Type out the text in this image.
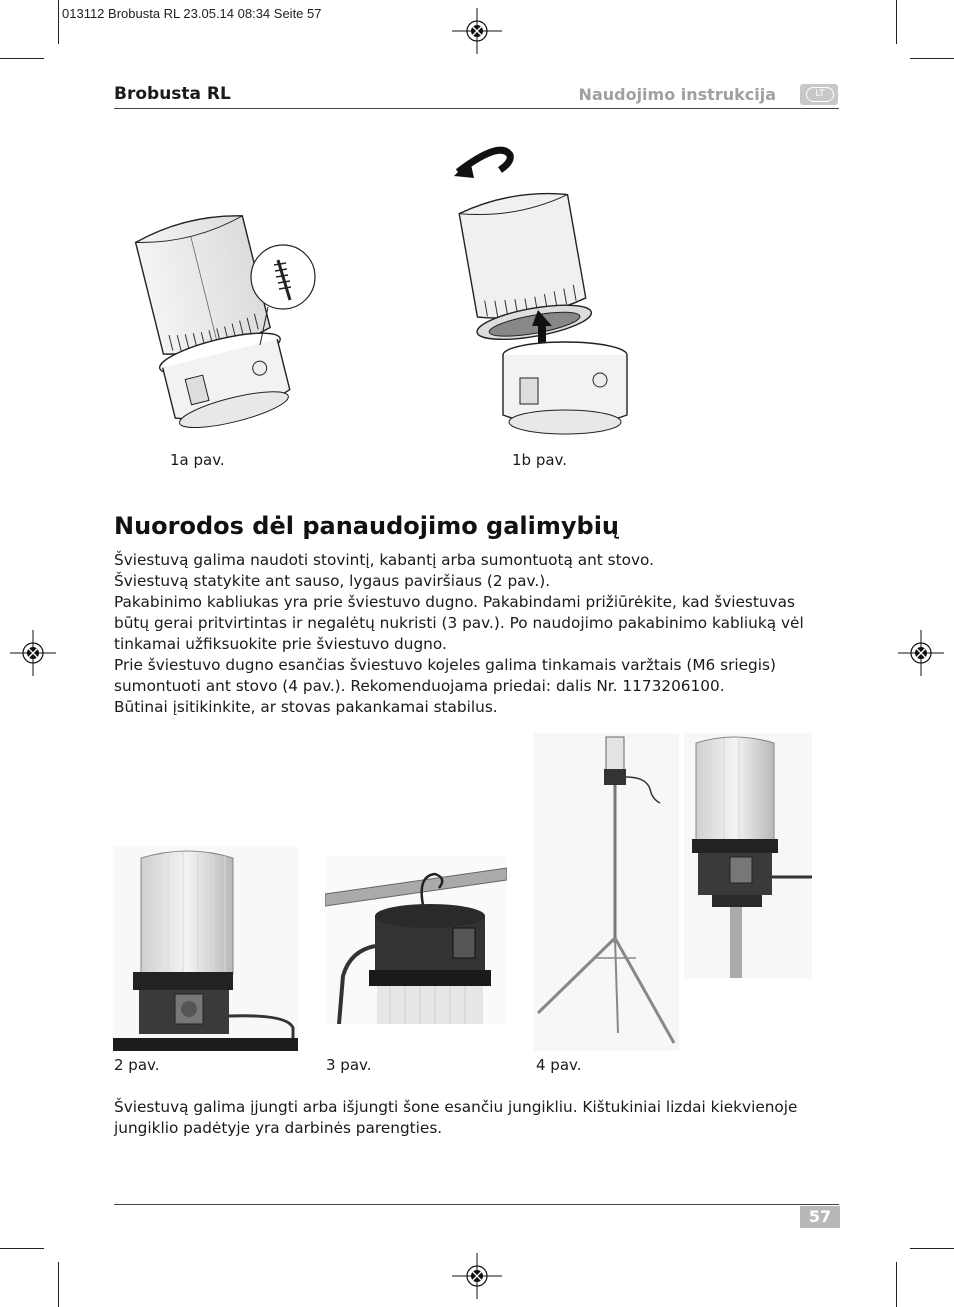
013112 Brobusta RL 23.05.14 08:34 Seite 57
Brobusta RL	Naudojimo instrukcija	LT
1a pav.	1b pav.
Nuorodos dėl panaudojimo galimybių
Šviestuvą galima naudoti stovintį, kabantį arba sumontuotą ant stovo.
Šviestuvą statykite ant sauso, lygaus paviršiaus (2 pav.).
Pakabinimo kabliukas yra prie šviestuvo dugno. Pakabindami prižiūrėkite, kad šviestuvas
būtų gerai pritvirtintas ir negalėtų nukristi (3 pav.). Po naudojimo pakabinimo kabliuką vėl
tinkamai užfiksuokite prie šviestuvo dugno.
Prie šviestuvo dugno esančias šviestuvo kojeles galima tinkamais varžtais (M6 sriegis)
sumontuoti ant stovo (4 pav.). Rekomenduojama priedai: dalis Nr. 1173206100.
Būtinai įsitikinkite, ar stovas pakankamai stabilus.
2 pav.	3 pav.	4 pav.
Šviestuvą galima įjungti arba išjungti šone esančiu jungikliu. Kištukiniai lizdai kiekvienoje
jungiklio padėtyje yra darbinės parengties.
57
